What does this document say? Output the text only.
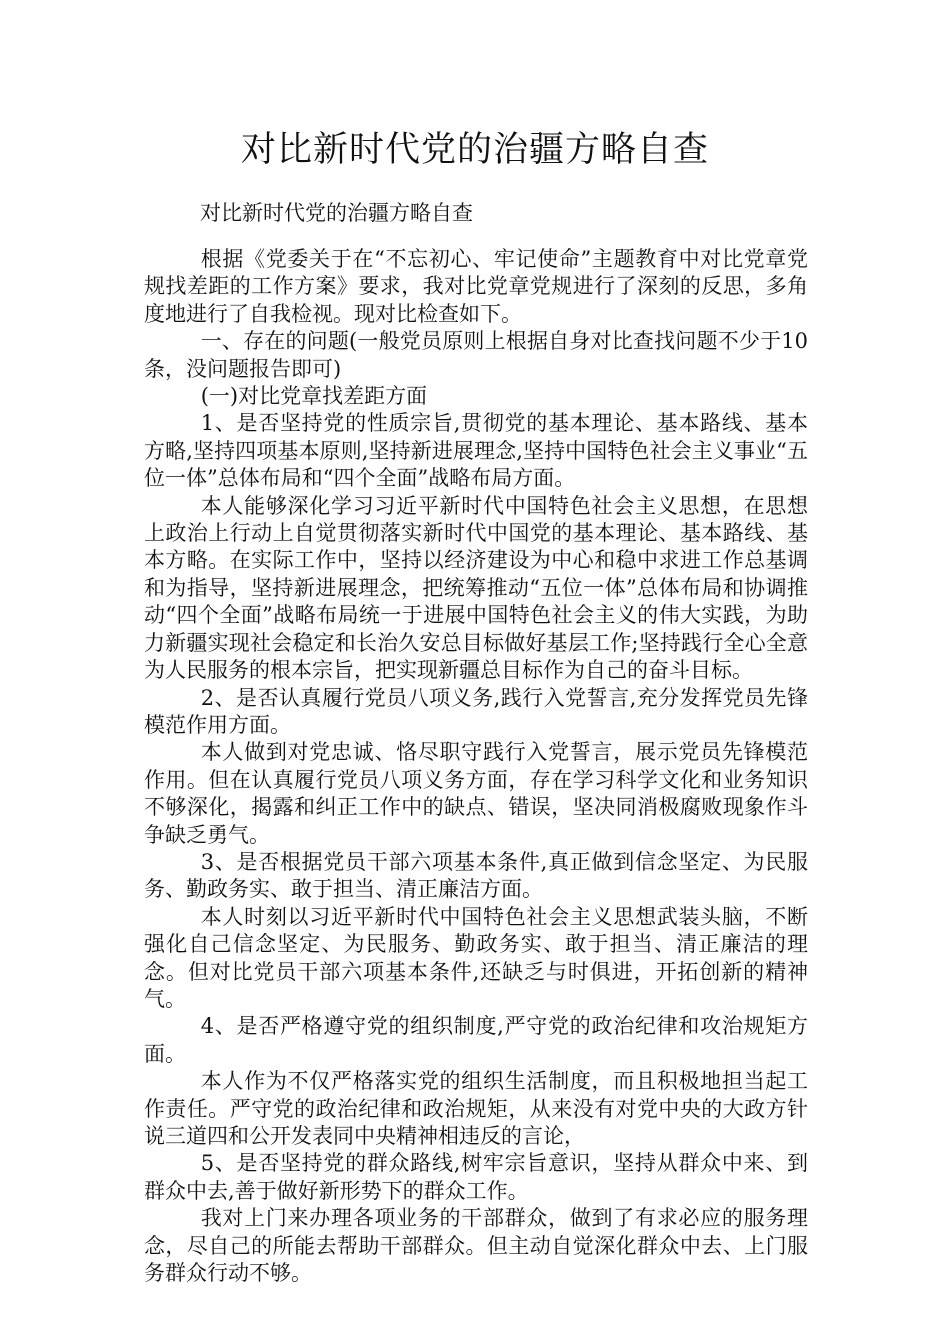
对比新时代党的治疆方略自查
对比新时代党的治疆方略自查

根据《党委关于在“不忘初心、牢记使命”主题教育中对比党章党规找差距的工作方案》要求，我对比党章党规进行了深刻的反思，多角度地进行了自我检视。现对比检查如下。

一、存在的问题(一般党员原则上根据自身对比查找问题不少于10条，没问题报告即可)

(一)对比党章找差距方面

1、是否坚持党的性质宗旨,贯彻党的基本理论、基本路线、基本方略,坚持四项基本原则,坚持新进展理念,坚持中国特色社会主义事业“五位一体”总体布局和“四个全面”战略布局方面。

本人能够深化学习习近平新时代中国特色社会主义思想，在思想上政治上行动上自觉贯彻落实新时代中国党的基本理论、基本路线、基本方略。在实际工作中，坚持以经济建设为中心和稳中求进工作总基调和为指导，坚持新进展理念，把统筹推动“五位一体”总体布局和协调推动“四个全面”战略布局统一于进展中国特色社会主义的伟大实践，为助力新疆实现社会稳定和长治久安总目标做好基层工作;坚持践行全心全意为人民服务的根本宗旨，把实现新疆总目标作为自己的奋斗目标。

2、是否认真履行党员八项义务,践行入党誓言,充分发挥党员先锋模范作用方面。

本人做到对党忠诚、恪尽职守践行入党誓言，展示党员先锋模范作用。但在认真履行党员八项义务方面，存在学习科学文化和业务知识不够深化，揭露和纠正工作中的缺点、错误，坚决同消极腐败现象作斗争缺乏勇气。

3、是否根据党员干部六项基本条件,真正做到信念坚定、为民服务、勤政务实、敢于担当、清正廉洁方面。

本人时刻以习近平新时代中国特色社会主义思想武装头脑，不断强化自己信念坚定、为民服务、勤政务实、敢于担当、清正廉洁的理念。但对比党员干部六项基本条件,还缺乏与时俱进，开拓创新的精神气。

4、是否严格遵守党的组织制度,严守党的政治纪律和攻治规矩方面。

本人作为不仅严格落实党的组织生活制度，而且积极地担当起工作责任。严守党的政治纪律和政治规矩，从来没有对党中央的大政方针说三道四和公开发表同中央精神相违反的言论，

5、是否坚持党的群众路线,树牢宗旨意识，坚持从群众中来、到群众中去,善于做好新形势下的群众工作。

我对上门来办理各项业务的干部群众，做到了有求必应的服务理念，尽自己的所能去帮助干部群众。但主动自觉深化群众中去、上门服务群众行动不够。
